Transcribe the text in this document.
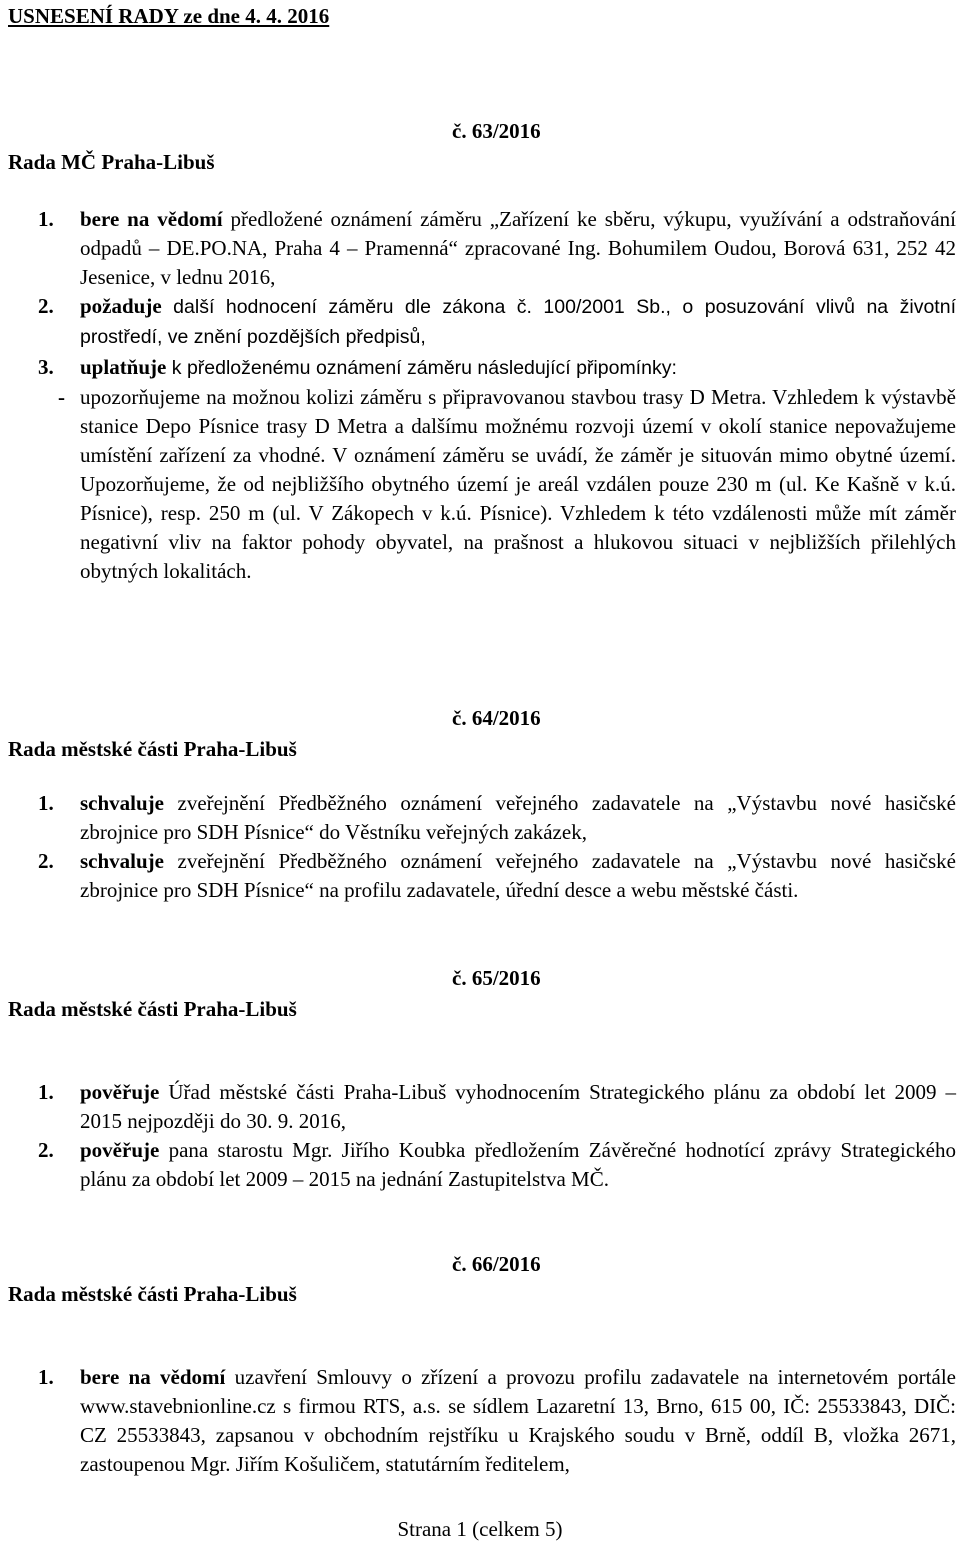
USNESENÍ RADY ze dne 4. 4. 2016
č. 63/2016
Rada MČ Praha-Libuš
1. bere na vědomí předložené oznámení záměru „Zařízení ke sběru, výkupu, využívání a odstraňování odpadů – DE.PO.NA, Praha 4 – Pramenná“ zpracované Ing. Bohumilem Oudou, Borová 631, 252 42 Jesenice, v lednu 2016,
2. požaduje další hodnocení záměru dle zákona č. 100/2001 Sb., o posuzování vlivů na životní prostředí, ve znění pozdějších předpisů,
3. uplatňuje k předloženému oznámení záměru následující připomínky:
- upozorňujeme na možnou kolizi záměru s připravovanou stavbou trasy D Metra. Vzhledem k výstavbě stanice Depo Písnice trasy D Metra a dalšímu možnému rozvoji území v okolí stanice nepovažujeme umístění zařízení za vhodné. V oznámení záměru se uvádí, že záměr je situován mimo obytné území. Upozorňujeme, že od nejbližšího obytného území je areál vzdálen pouze 230 m (ul. Ke Kašně v k.ú. Písnice), resp. 250 m (ul. V Zákopech v k.ú. Písnice). Vzhledem k této vzdálenosti může mít záměr negativní vliv na faktor pohody obyvatel, na prašnost a hlukovou situaci v nejbližších přilehlých obytných lokalitách.
č. 64/2016
Rada městské části Praha-Libuš
1. schvaluje zveřejnění Předběžného oznámení veřejného zadavatele na „Výstavbu nové hasičské zbrojnice pro SDH Písnice“ do Věstníku veřejných zakázek,
2. schvaluje zveřejnění Předběžného oznámení veřejného zadavatele na „Výstavbu nové hasičské zbrojnice pro SDH Písnice“ na profilu zadavatele, úřední desce a webu městské části.
č. 65/2016
Rada městské části Praha-Libuš
1. pověřuje Úřad městské části Praha-Libuš vyhodnocením Strategického plánu za období let 2009 – 2015 nejpozději do 30. 9. 2016,
2. pověřuje pana starostu Mgr. Jiřího Koubka předložením Závěrečné hodnotící zprávy Strategického plánu za období let 2009 – 2015 na jednání Zastupitelstva MČ.
č. 66/2016
Rada městské části Praha-Libuš
1. bere na vědomí uzavření Smlouvy o zřízení a provozu profilu zadavatele na internetovém portále www.stavebnionline.cz s firmou RTS, a.s. se sídlem Lazaretní 13, Brno, 615 00, IČ: 25533843, DIČ: CZ 25533843, zapsanou v obchodním rejstříku u Krajského soudu v Brně, oddíl B, vložka 2671, zastoupenou Mgr. Jiřím Košuličem, statutárním ředitelem,
Strana 1 (celkem 5)
